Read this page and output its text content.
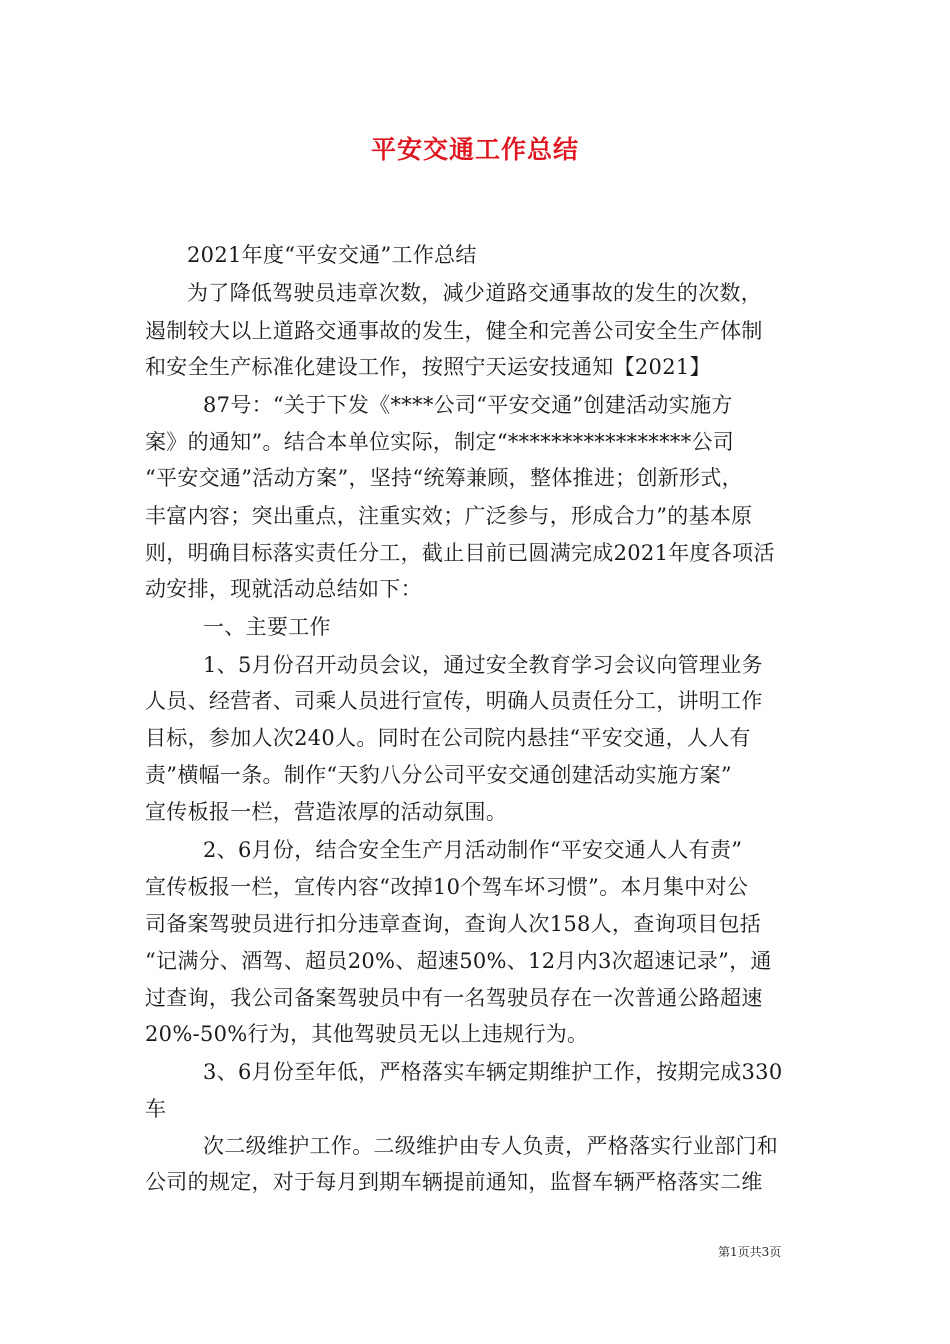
平安交通工作总结
2021年度“平安交通”工作总结
为了降低驾驶员违章次数，减少道路交通事故的发生的次数，
遏制较大以上道路交通事故的发生，健全和完善公司安全生产体制
和安全生产标准化建设工作，按照宁天运安技通知【2021】
87号：“关于下发《****公司“平安交通”创建活动实施方
案》的通知”。结合本单位实际，制定“*****************公司
“平安交通”活动方案”，坚持“统筹兼顾，整体推进；创新形式，
丰富内容；突出重点，注重实效；广泛参与，形成合力”的基本原
则，明确目标落实责任分工，截止目前已圆满完成2021年度各项活
动安排，现就活动总结如下：
一、主要工作
1、5月份召开动员会议，通过安全教育学习会议向管理业务
人员、经营者、司乘人员进行宣传，明确人员责任分工，讲明工作
目标，参加人次240人。同时在公司院内悬挂“平安交通，人人有
责”横幅一条。制作“天豹八分公司平安交通创建活动实施方案”
宣传板报一栏，营造浓厚的活动氛围。
2、6月份，结合安全生产月活动制作“平安交通人人有责”
宣传板报一栏，宣传内容“改掉10个驾车坏习惯”。本月集中对公
司备案驾驶员进行扣分违章查询，查询人次158人，查询项目包括
“记满分、酒驾、超员20%、超速50%、12月内3次超速记录”，通
过查询，我公司备案驾驶员中有一名驾驶员存在一次普通公路超速
20%-50%行为，其他驾驶员无以上违规行为。
3、6月份至年低，严格落实车辆定期维护工作，按期完成330
车
次二级维护工作。二级维护由专人负责，严格落实行业部门和
公司的规定，对于每月到期车辆提前通知，监督车辆严格落实二维
第1页共3页
